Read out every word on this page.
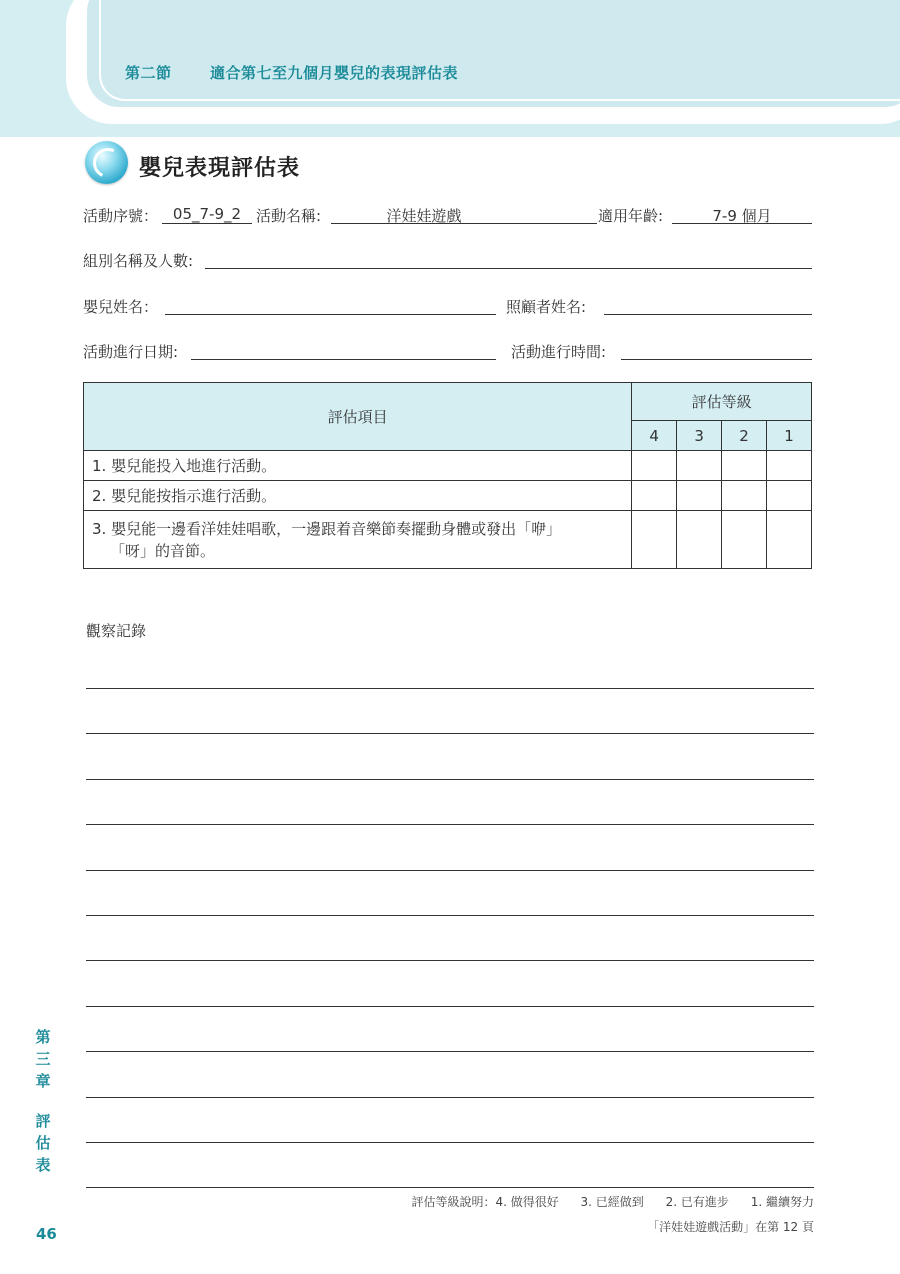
第二節	適合第七至九個月嬰兒的表現評估表
嬰兒表現評估表
活動序號： 05_7-9_2 活動名稱:	洋娃娃遊戲	適用年齡:	7-9 個月
組別名稱及人數:
嬰兒姓名：	照顧者姓名:
活動進行日期:	活動進行時間:
評估項目	評估等級			
	4	3	2	1
1. 嬰兒能投入地進行活動。				
2. 嬰兒能按指示進行活動。				

3. 嬰兒能一邊看洋娃娃唱歌，一邊跟着音樂節奏擺動身體或發出「咿」
「呀」的音節。				

觀察記錄
評估等級說明：4. 做得很好 3. 已經做到 2. 已有進步 1. 繼續努力
「洋娃娃遊戲活動」在第 12 頁
第
三
章
評
估
表
46
